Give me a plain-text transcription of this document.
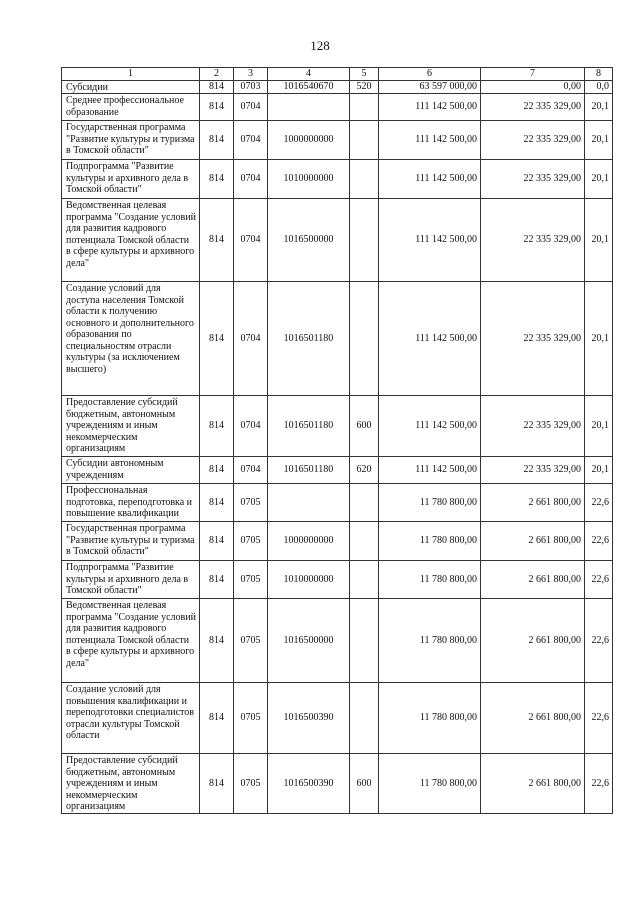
128
1	2	3	4	5	6	7	8
Субсидии	814	0703	1016540670	520	63 597 000,00	0,00	0,0
Среднее профессиональное образование	814	0704			111 142 500,00	22 335 329,00	20,1
Государственная программа "Развитие культуры и туризма в Томской области"	814	0704	1000000000		111 142 500,00	22 335 329,00	20,1
Подпрограмма "Развитие культуры и архивного дела в Томской области"	814	0704	1010000000		111 142 500,00	22 335 329,00	20,1
Ведомственная целевая программа "Создание условий для развития кадрового потенциала Томской области в сфере культуры и архивного дела"	814	0704	1016500000		111 142 500,00	22 335 329,00	20,1
Создание условий для доступа населения Томской области к получению основного и дополнительного образования по специальностям отрасли культуры (за исключением высшего)	814	0704	1016501180		111 142 500,00	22 335 329,00	20,1
Предоставление субсидий бюджетным, автономным учреждениям и иным некоммерческим организациям	814	0704	1016501180	600	111 142 500,00	22 335 329,00	20,1
Субсидии автономным учреждениям	814	0704	1016501180	620	111 142 500,00	22 335 329,00	20,1
Профессиональная подготовка, переподготовка и повышение квалификации	814	0705			11 780 800,00	2 661 800,00	22,6
Государственная программа "Развитие культуры и туризма в Томской области"	814	0705	1000000000		11 780 800,00	2 661 800,00	22,6
Подпрограмма "Развитие культуры и архивного дела в Томской области"	814	0705	1010000000		11 780 800,00	2 661 800,00	22,6
Ведомственная целевая программа "Создание условий для развития кадрового потенциала Томской области в сфере культуры и архивного дела"	814	0705	1016500000		11 780 800,00	2 661 800,00	22,6
Создание условий для повышения квалификации и переподготовки специалистов отрасли культуры Томской области	814	0705	1016500390		11 780 800,00	2 661 800,00	22,6
Предоставление субсидий бюджетным, автономным учреждениям и иным некоммерческим организациям	814	0705	1016500390	600	11 780 800,00	2 661 800,00	22,6
